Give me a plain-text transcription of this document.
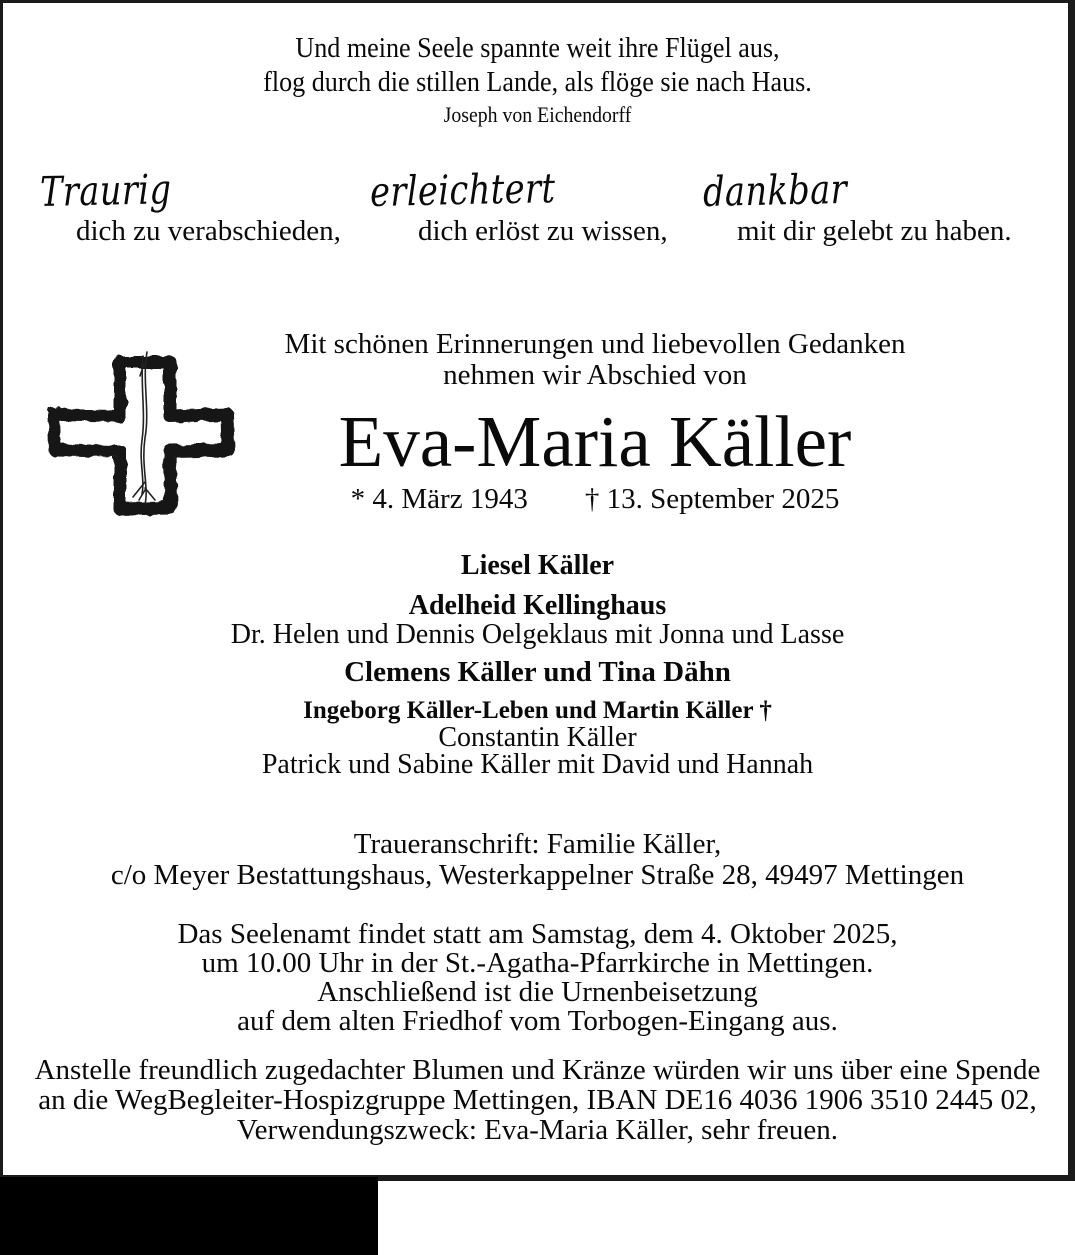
Und meine Seele spannte weit ihre Flügel aus,
flog durch die stillen Lande, als flöge sie nach Haus.
Joseph von Eichendorff
Traurig	erleichtert	dankbar
dich zu verabschieden,	dich erlöst zu wissen, mit dir gelebt zu haben.
Mit schönen Erinnerungen und liebevollen Gedanken
nehmen wir Abschied von
Eva-Maria Käller
* 4. März 1943 † 13. September 2025
Liesel Käller
Adelheid Kellinghaus
Dr. Helen und Dennis Oelgeklaus mit Jonna und Lasse
Clemens Käller und Tina Dähn
Ingeborg Käller-Leben und Martin Käller †
Constantin Käller
Patrick und Sabine Käller mit David und Hannah
Traueranschrift: Familie Käller,
c/o Meyer Bestattungshaus, Westerkappelner Straße 28, 49497 Mettingen
Das Seelenamt findet statt am Samstag, dem 4. Oktober 2025,
um 10.00 Uhr in der St.-Agatha-Pfarrkirche in Mettingen.
Anschließend ist die Urnenbeisetzung
auf dem alten Friedhof vom Torbogen-Eingang aus.
Anstelle freundlich zugedachter Blumen und Kränze würden wir uns über eine Spende
an die WegBegleiter-Hospizgruppe Mettingen, IBAN DE16 4036 1906 3510 2445 02,
Verwendungszweck: Eva-Maria Käller, sehr freuen.
